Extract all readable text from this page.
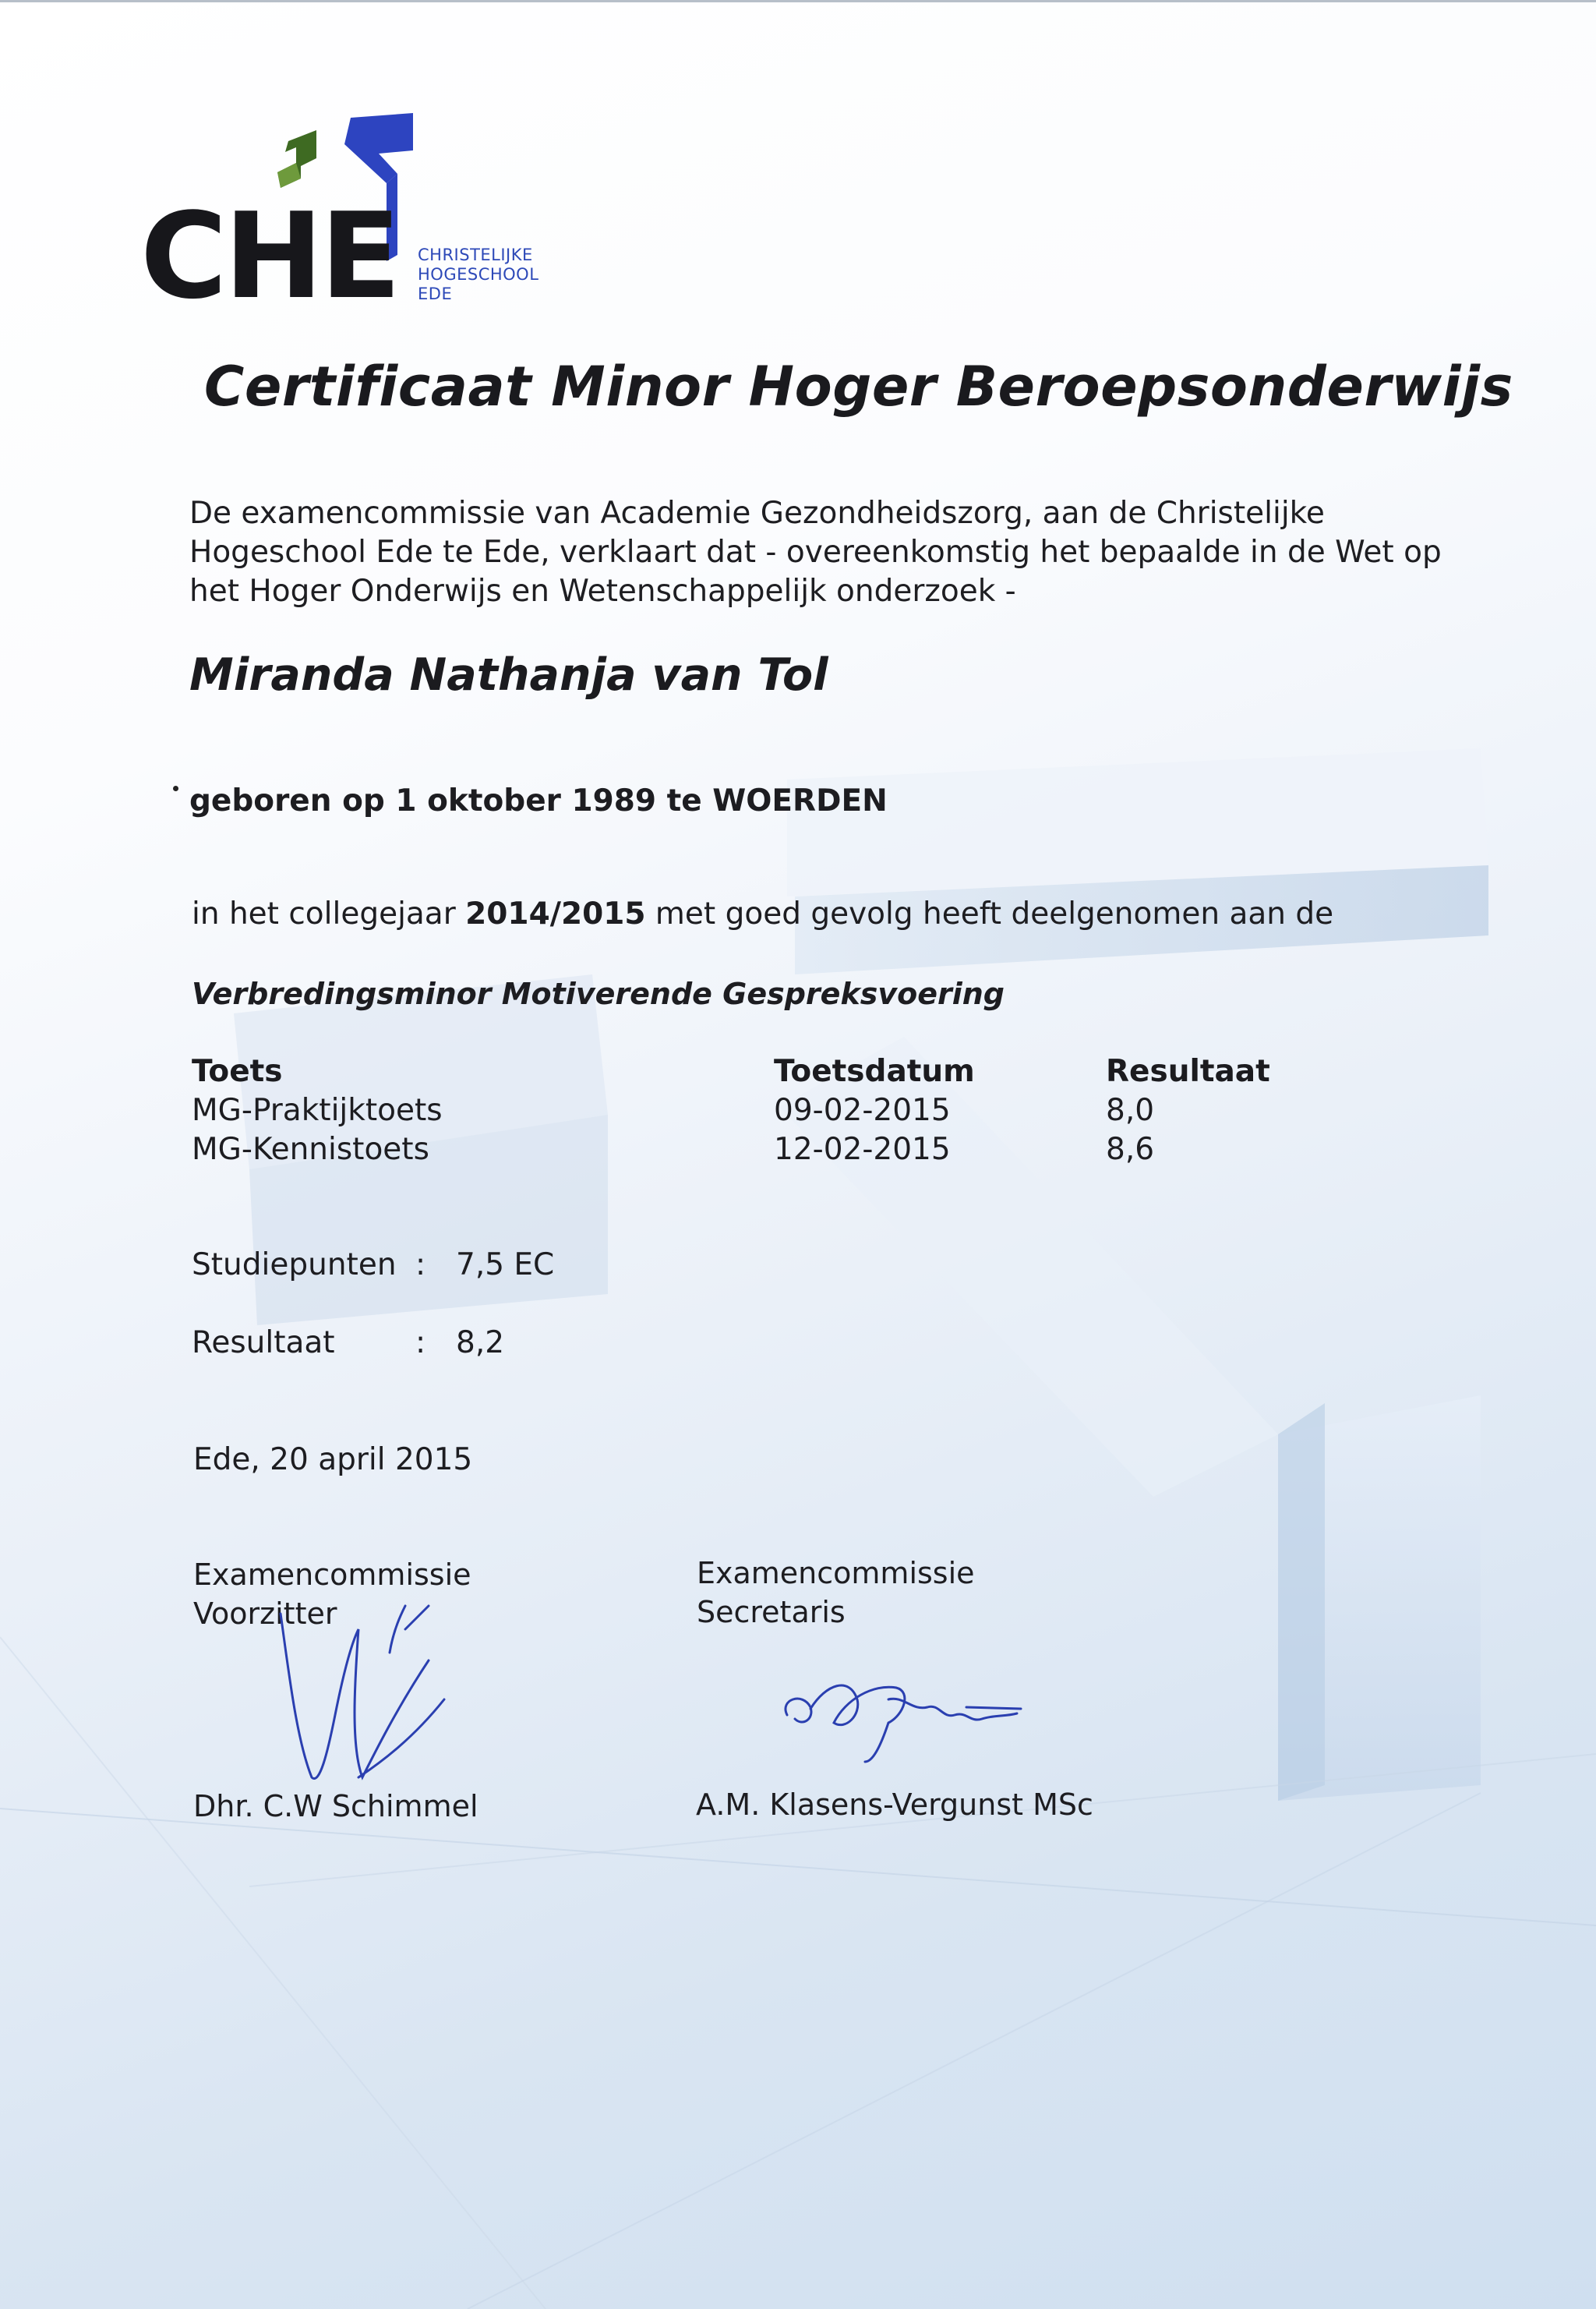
CHE CHRISTELIJKE
HOGESCHOOL
EDE
Certificaat Minor Hoger Beroepsonderwijs
De examencommissie van Academie Gezondheidszorg, aan de Christelijke
Hogeschool Ede te Ede, verklaart dat - overeenkomstig het bepaalde in de Wet op
het Hoger Onderwijs en Wetenschappelijk onderzoek -
Miranda Nathanja van Tol
geboren op 1 oktober 1989 te WOERDEN
in het collegejaar 2014/2015 met goed gevolg heeft deelgenomen aan de
Verbredingsminor Motiverende Gespreksvoering
Toets	Toetsdatum	Resultaat
MG-Praktijktoets	09-02-2015	8,0
MG-Kennistoets	12-02-2015	8,6
Studiepunten : 7,5 EC
Resultaat	: 8,2
Ede, 20 april 2015
Examencommissie
Voorzitter
Examencommissie
Secretaris
Dhr. C.W Schimmel	A.M. Klasens-Vergunst MSc
